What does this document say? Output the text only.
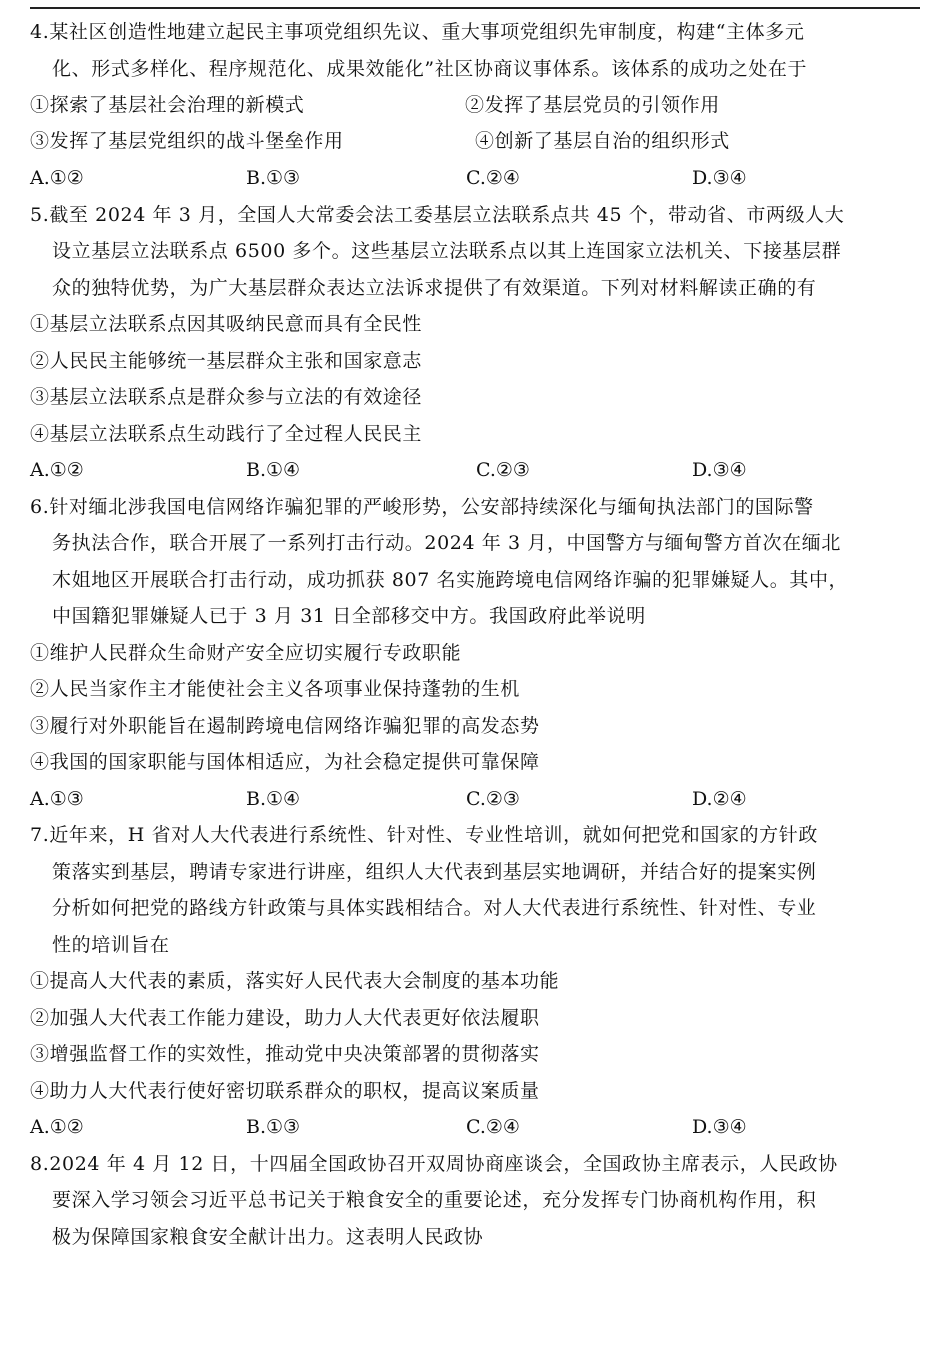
4.某社区创造性地建立起民主事项党组织先议、重大事项党组织先审制度，构建“主体多元
化、形式多样化、程序规范化、成果效能化”社区协商议事体系。该体系的成功之处在于
①探索了基层社会治理的新模式	②发挥了基层党员的引领作用
③发挥了基层党组织的战斗堡垒作用	④创新了基层自治的组织形式
A.①②	B.①③	C.②④	D.③④
5.截至 2024 年 3 月，全国人大常委会法工委基层立法联系点共 45 个，带动省、市两级人大
设立基层立法联系点 6500 多个。这些基层立法联系点以其上连国家立法机关、下接基层群
众的独特优势，为广大基层群众表达立法诉求提供了有效渠道。下列对材料解读正确的有
①基层立法联系点因其吸纳民意而具有全民性
②人民民主能够统一基层群众主张和国家意志
③基层立法联系点是群众参与立法的有效途径
④基层立法联系点生动践行了全过程人民民主
A.①②	B.①④	C.②③	D.③④
6.针对缅北涉我国电信网络诈骗犯罪的严峻形势，公安部持续深化与缅甸执法部门的国际警
务执法合作，联合开展了一系列打击行动。2024 年 3 月，中国警方与缅甸警方首次在缅北
木姐地区开展联合打击行动，成功抓获 807 名实施跨境电信网络诈骗的犯罪嫌疑人。其中，
中国籍犯罪嫌疑人已于 3 月 31 日全部移交中方。我国政府此举说明
①维护人民群众生命财产安全应切实履行专政职能
②人民当家作主才能使社会主义各项事业保持蓬勃的生机
③履行对外职能旨在遏制跨境电信网络诈骗犯罪的高发态势
④我国的国家职能与国体相适应，为社会稳定提供可靠保障
A.①③	B.①④	C.②③	D.②④
7.近年来，H 省对人大代表进行系统性、针对性、专业性培训，就如何把党和国家的方针政
策落实到基层，聘请专家进行讲座，组织人大代表到基层实地调研，并结合好的提案实例
分析如何把党的路线方针政策与具体实践相结合。对人大代表进行系统性、针对性、专业
性的培训旨在
①提高人大代表的素质，落实好人民代表大会制度的基本功能
②加强人大代表工作能力建设，助力人大代表更好依法履职
③增强监督工作的实效性，推动党中央决策部署的贯彻落实
④助力人大代表行使好密切联系群众的职权，提高议案质量
A.①②	B.①③	C.②④	D.③④
8.2024 年 4 月 12 日，十四届全国政协召开双周协商座谈会，全国政协主席表示，人民政协
要深入学习领会习近平总书记关于粮食安全的重要论述，充分发挥专门协商机构作用，积
极为保障国家粮食安全献计出力。这表明人民政协
